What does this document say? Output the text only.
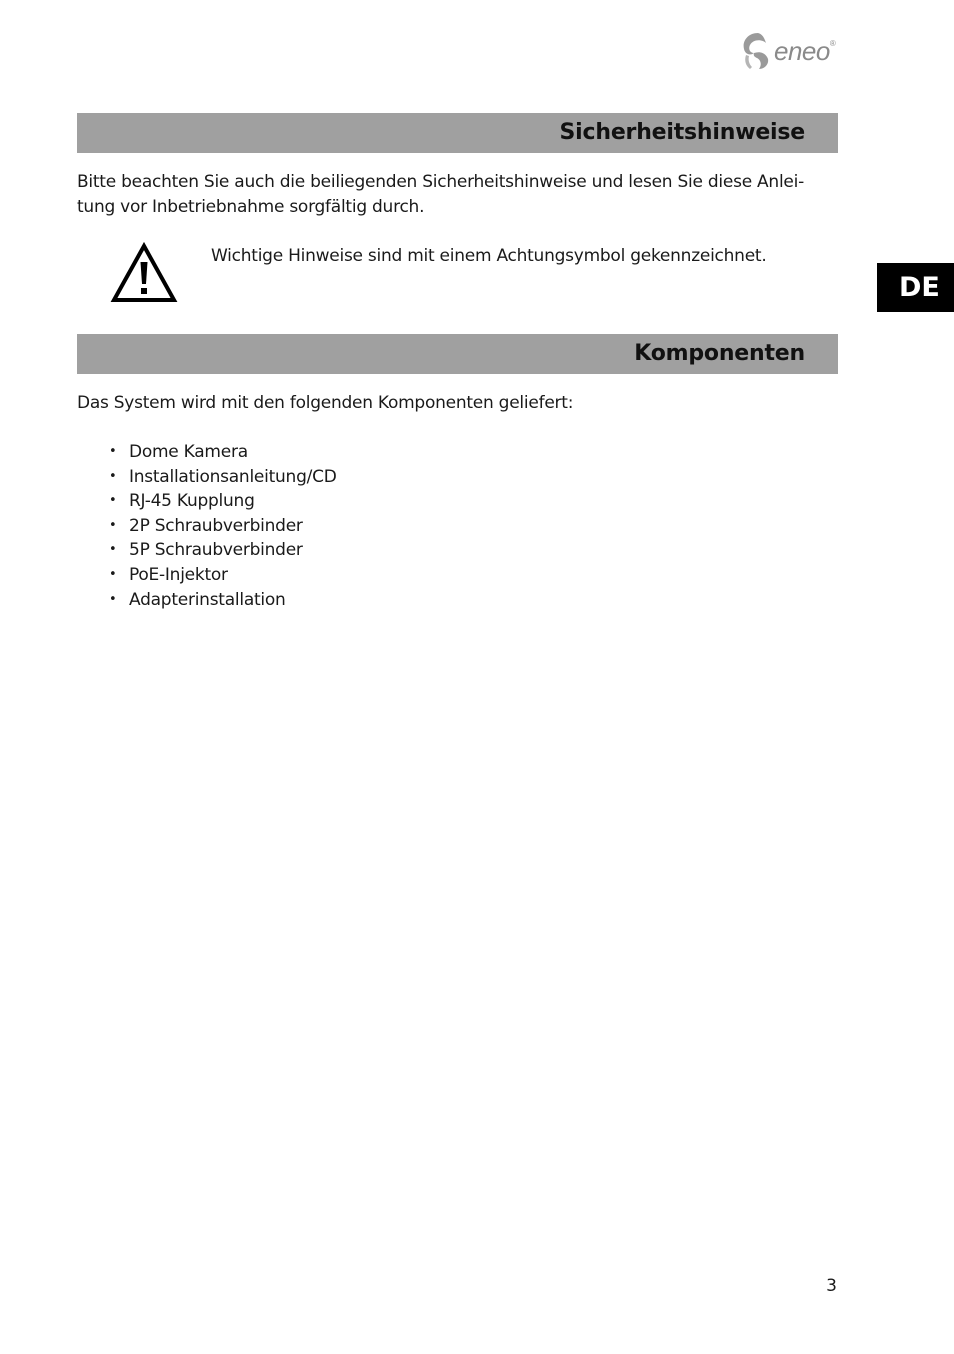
eneo ®
Sicherheitshinweise

Bitte beachten Sie auch die beiliegenden Sicherheitshinweise und lesen Sie diese Anlei- tung vor Inbetriebnahme sorgfältig durch.

Wichtige Hinweise sind mit einem Achtungsymbol gekennzeichnet.
DE
Komponenten

Das System wird mit den folgenden Komponenten geliefert:

• Dome Kamera
• Installationsanleitung/CD
• RJ-45 Kupplung
• 2P Schraubverbinder
• 5P Schraubverbinder
• PoE-Injektor
• Adapterinstallation
3
